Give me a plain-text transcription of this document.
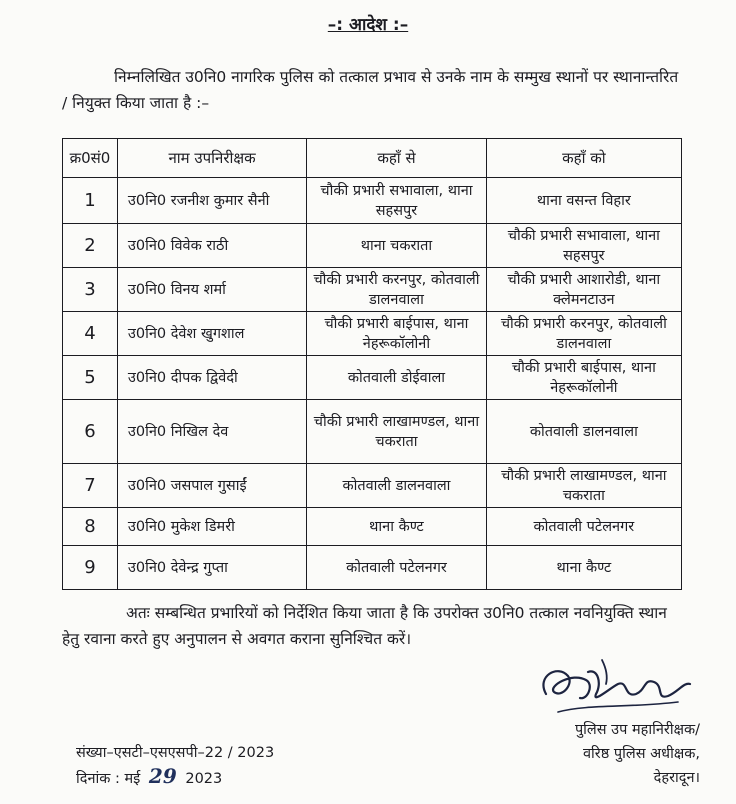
–: आदेश :–
निम्नलिखित उ0नि0 नागरिक पुलिस को तत्काल प्रभाव से उनके नाम के सम्मुख स्थानों पर स्थानान्तरित / नियुक्त किया जाता है :–
क्र0सं0	नाम उपनिरीक्षक	कहाँ से	कहाँ को
1	उ0नि0 रजनीश कुमार सैनी	चौकी प्रभारी सभावाला, थाना सहसपुर	थाना वसन्त विहार
2	उ0नि0 विवेक राठी	थाना चकराता	चौकी प्रभारी सभावाला, थाना सहसपुर
3	उ0नि0 विनय शर्मा	चौकी प्रभारी करनपुर, कोतवाली डालनवाला	चौकी प्रभारी आशारोडी, थाना क्लेमनटाउन
4	उ0नि0 देवेश खुगशाल	चौकी प्रभारी बाईपास, थाना नेहरूकॉलोनी	चौकी प्रभारी करनपुर, कोतवाली डालनवाला
5	उ0नि0 दीपक द्विवेदी	कोतवाली डोईवाला	चौकी प्रभारी बाईपास, थाना नेहरूकॉलोनी
6	उ0नि0 निखिल देव	चौकी प्रभारी लाखामण्डल, थाना चकराता	कोतवाली डालनवाला
7	उ0नि0 जसपाल गुसाईं	कोतवाली डालनवाला	चौकी प्रभारी लाखामण्डल, थाना चकराता
8	उ0नि0 मुकेश डिमरी	थाना कैण्ट	कोतवाली पटेलनगर
9	उ0नि0 देवेन्द्र गुप्ता	कोतवाली पटेलनगर	थाना कैण्ट
अतः सम्बन्धित प्रभारियों को निर्देशित किया जाता है कि उपरोक्त उ0नि0 तत्काल नवनियुक्ति स्थान हेतु रवाना करते हुए अनुपालन से अवगत कराना सुनिश्चित करें।
पुलिस उप महानिरीक्षक/
वरिष्ठ पुलिस अधीक्षक,
देहरादून।
संख्या–एसटी–एसएसपी–22 / 2023
दिनांक : मई 29 2023
